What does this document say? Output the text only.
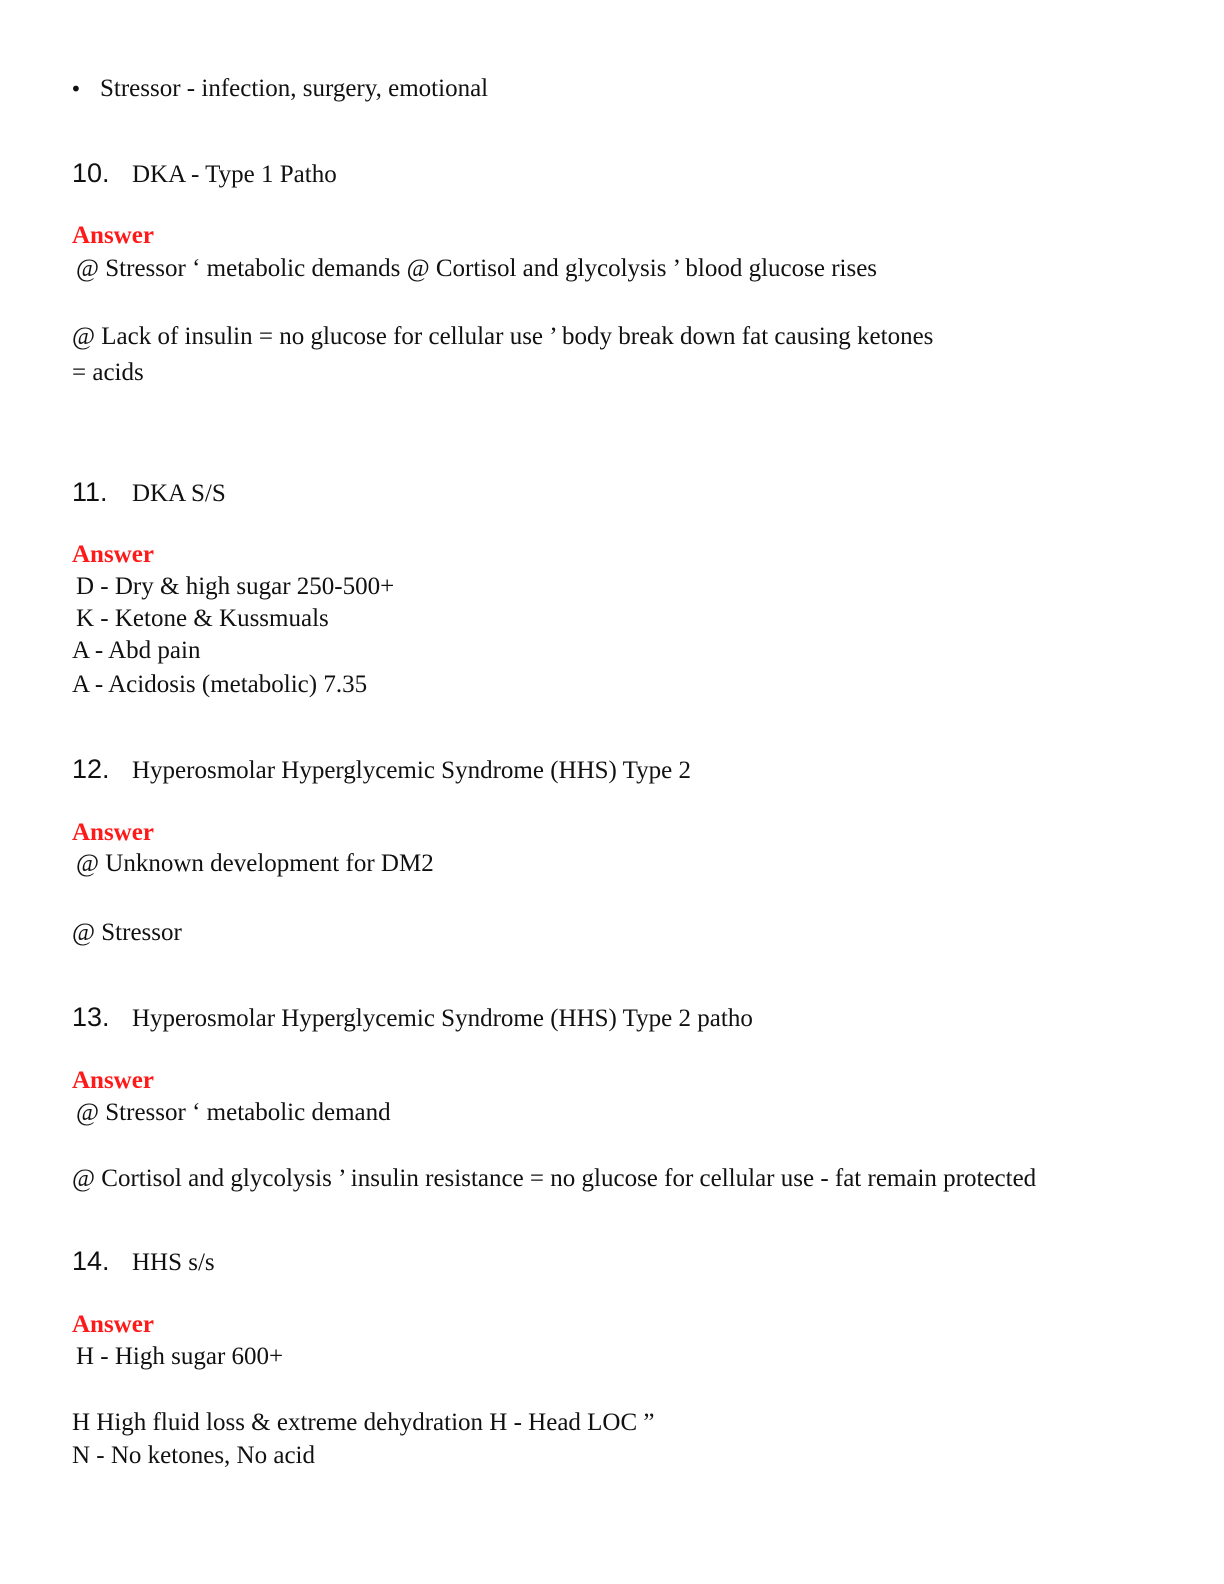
• Stressor - infection, surgery, emotional
10. DKA - Type 1 Patho

Answer

@ Stressor ‘ metabolic demands @ Cortisol and glycolysis ’ blood glucose rises

@ Lack of insulin = no glucose for cellular use ’ body break down fat causing ketones

= acids

11. DKA S/S

Answer

D - Dry & high sugar 250-500+

K - Ketone & Kussmuals

A - Abd pain

A - Acidosis (metabolic) 7.35

12. Hyperosmolar Hyperglycemic Syndrome (HHS) Type 2

Answer

@ Unknown development for DM2

@ Stressor

13. Hyperosmolar Hyperglycemic Syndrome (HHS) Type 2 patho

Answer

@ Stressor ‘ metabolic demand

@ Cortisol and glycolysis ’ insulin resistance = no glucose for cellular use - fat remain protected

14. HHS s/s

Answer

H - High sugar 600+

H High fluid loss & extreme dehydration H - Head LOC ”

N - No ketones, No acid
